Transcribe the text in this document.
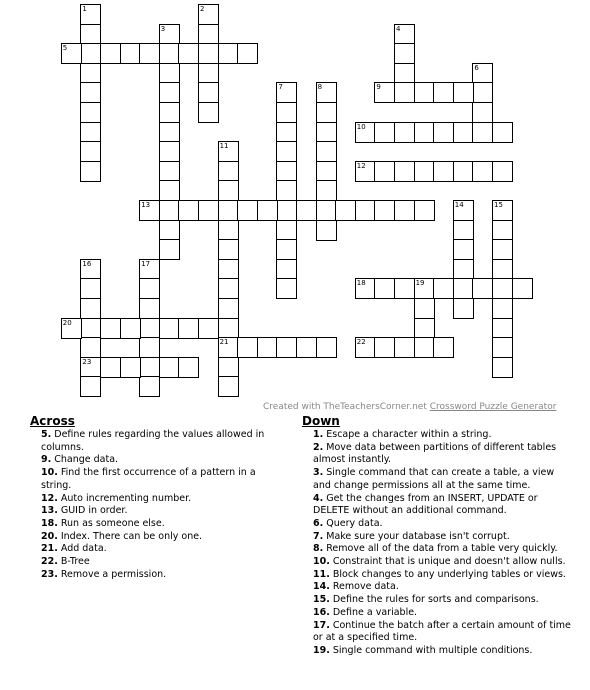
1	2
3	4
5
6
7	8	9
10
11
21
12
13	14	15
16
23
17
18	19
20
22
Created with TheTeachersCorner.net Crossword Puzzle Generator
Across
5. Define rules regarding the values allowed in columns.
9. Change data.
10. Find the first occurrence of a pattern in a string.
12. Auto incrementing number.
13. GUID in order.
18. Run as someone else.
20. Index. There can be only one.
21. Add data.
22. B-Tree
23. Remove a permission.
Down
1. Escape a character within a string.
2. Move data between partitions of different tables almost instantly.
3. Single command that can create a table, a view and change permissions all at the same time.
4. Get the changes from an INSERT, UPDATE or DELETE without an additional command.
6. Query data.
7. Make sure your database isn't corrupt.
8. Remove all of the data from a table very quickly.
10. Constraint that is unique and doesn't allow nulls.
11. Block changes to any underlying tables or views.
14. Remove data.
15. Define the rules for sorts and comparisons.
16. Define a variable.
17. Continue the batch after a certain amount of time or at a specified time.
19. Single command with multiple conditions.
